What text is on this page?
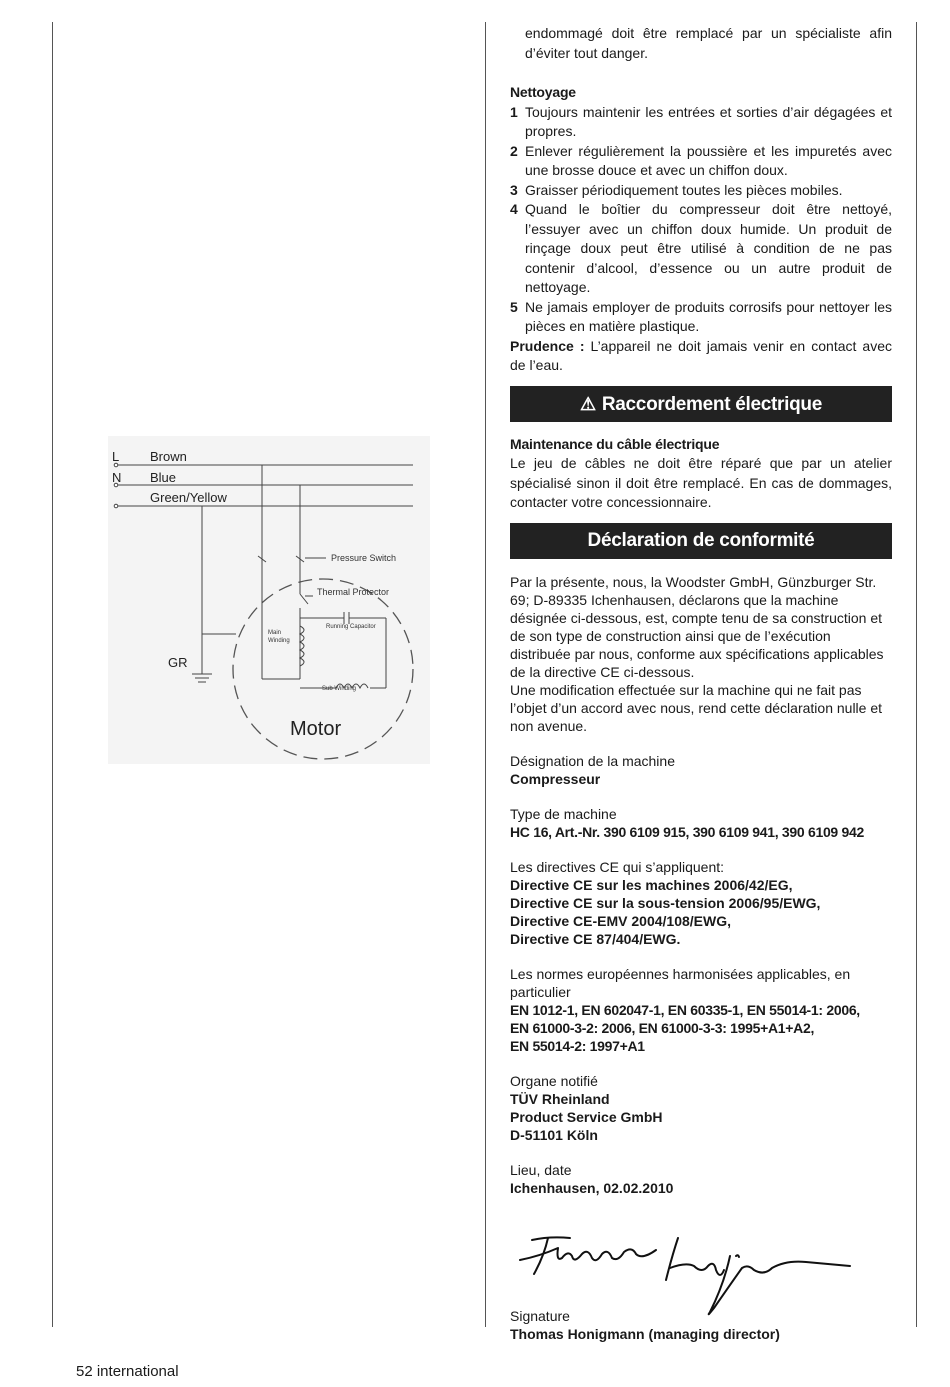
L
N
Brown
Blue
Green/Yellow
Pressure Switch
Thermal Protector
Running Capacitor
Main
Winding
Sub Winding
GR
Motor

endommagé doit être remplacé par un spécialiste afin d’éviter tout danger.

Nettoyage

1 Toujours maintenir les entrées et sorties d’air dégagées et propres.
2 Enlever régulièrement la poussière et les impuretés avec une brosse douce et avec un chiffon doux.
3 Graisser périodiquement toutes les pièces mobiles.
4 Quand le boîtier du compresseur doit être nettoyé, l’essuyer avec un chiffon doux humide. Un produit de rinçage doux peut être utilisé à condition de ne pas contenir d’alcool, d’essence ou un autre produit de nettoyage.
5 Ne jamais employer de produits corrosifs pour nettoyer les pièces en matière plastique.

Prudence : L’appareil ne doit jamais venir en contact avec de l’eau.

⚠ Raccordement électrique

Maintenance du câble électrique

Le jeu de câbles ne doit être réparé que par un atelier spécialisé sinon il doit être remplacé. En cas de dommages, contacter votre concessionnaire.

Déclaration de conformité

Par la présente, nous, la Woodster GmbH, Günzburger Str. 69; D-89335 Ichenhausen, déclarons que la machine désignée ci-dessous, est, compte tenu de sa construction et de son type de construction ainsi que de l’exécution distribuée par nous, conforme aux spécifications applicables de la directive CE ci-dessous.

Une modification effectuée sur la machine qui ne fait pas l’objet d’un accord avec nous, rend cette déclaration nulle et non avenue.

Désignation de la machine

Compresseur

Type de machine

HC 16, Art.-Nr. 390 6109 915, 390 6109 941, 390 6109 942

Les directives CE qui s’appliquent:

Directive CE sur les machines 2006/42/EG,

Directive CE sur la sous-tension 2006/95/EWG,

Directive CE-EMV 2004/108/EWG,

Directive CE 87/404/EWG.

Les normes européennes harmonisées applicables, en particulier

EN 1012-1, EN 602047-1, EN 60335-1, EN 55014-1: 2006,

EN 61000-3-2: 2006, EN 61000-3-3: 1995+A1+A2,

EN 55014-2: 1997+A1

Organe notifié

TÜV Rheinland

Product Service GmbH

D-51101 Köln

Lieu, date

Ichenhausen, 02.02.2010

Signature

Thomas Honigmann (managing director)

52 international
